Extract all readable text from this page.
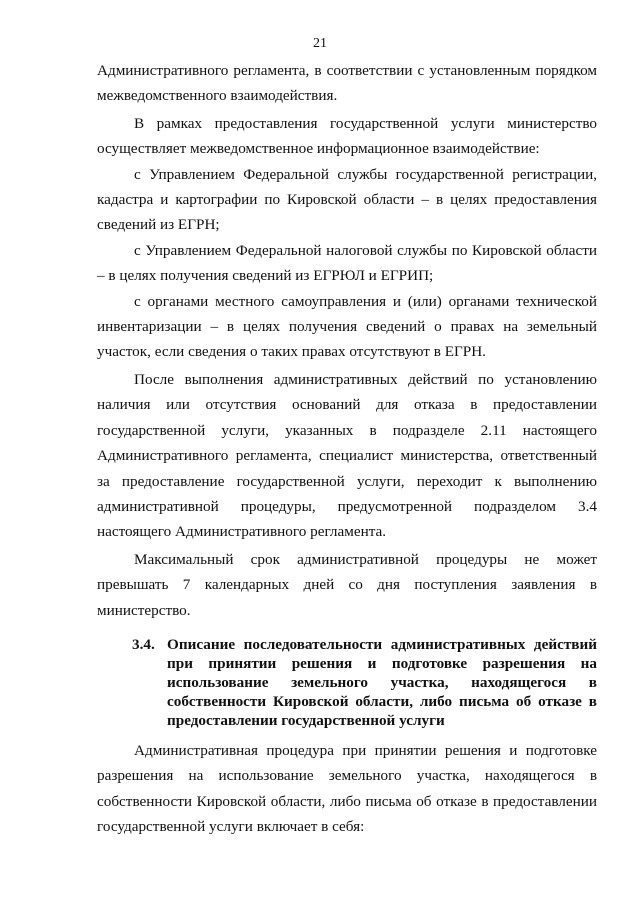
21

Административного регламента, в соответствии с установленным порядком межведомственного взаимодействия.

В рамках предоставления государственной услуги министерство осуществляет межведомственное информационное взаимодействие:

с Управлением Федеральной службы государственной регистрации, кадастра и картографии по Кировской области – в целях предоставления сведений из ЕГРН;

с Управлением Федеральной налоговой службы по Кировской области – в целях получения сведений из ЕГРЮЛ и ЕГРИП;

с органами местного самоуправления и (или) органами технической инвентаризации – в целях получения сведений о правах на земельный участок, если сведения о таких правах отсутствуют в ЕГРН.

После выполнения административных действий по установлению наличия или отсутствия оснований для отказа в предоставлении государственной услуги, указанных в подразделе 2.11 настоящего Административного регламента, специалист министерства, ответственный за предоставление государственной услуги, переходит к выполнению административной процедуры, предусмотренной подразделом 3.4 настоящего Административного регламента.

Максимальный срок административной процедуры не может превышать 7 календарных дней со дня поступления заявления в министерство.

3.4. Описание последовательности административных действий при принятии решения и подготовке разрешения на использование земельного участка, находящегося в собственности Кировской области, либо письма об отказе в предоставлении государственной услуги

Административная процедура при принятии решения и подготовке разрешения на использование земельного участка, находящегося в собственности Кировской области, либо письма об отказе в предоставлении государственной услуги включает в себя:
